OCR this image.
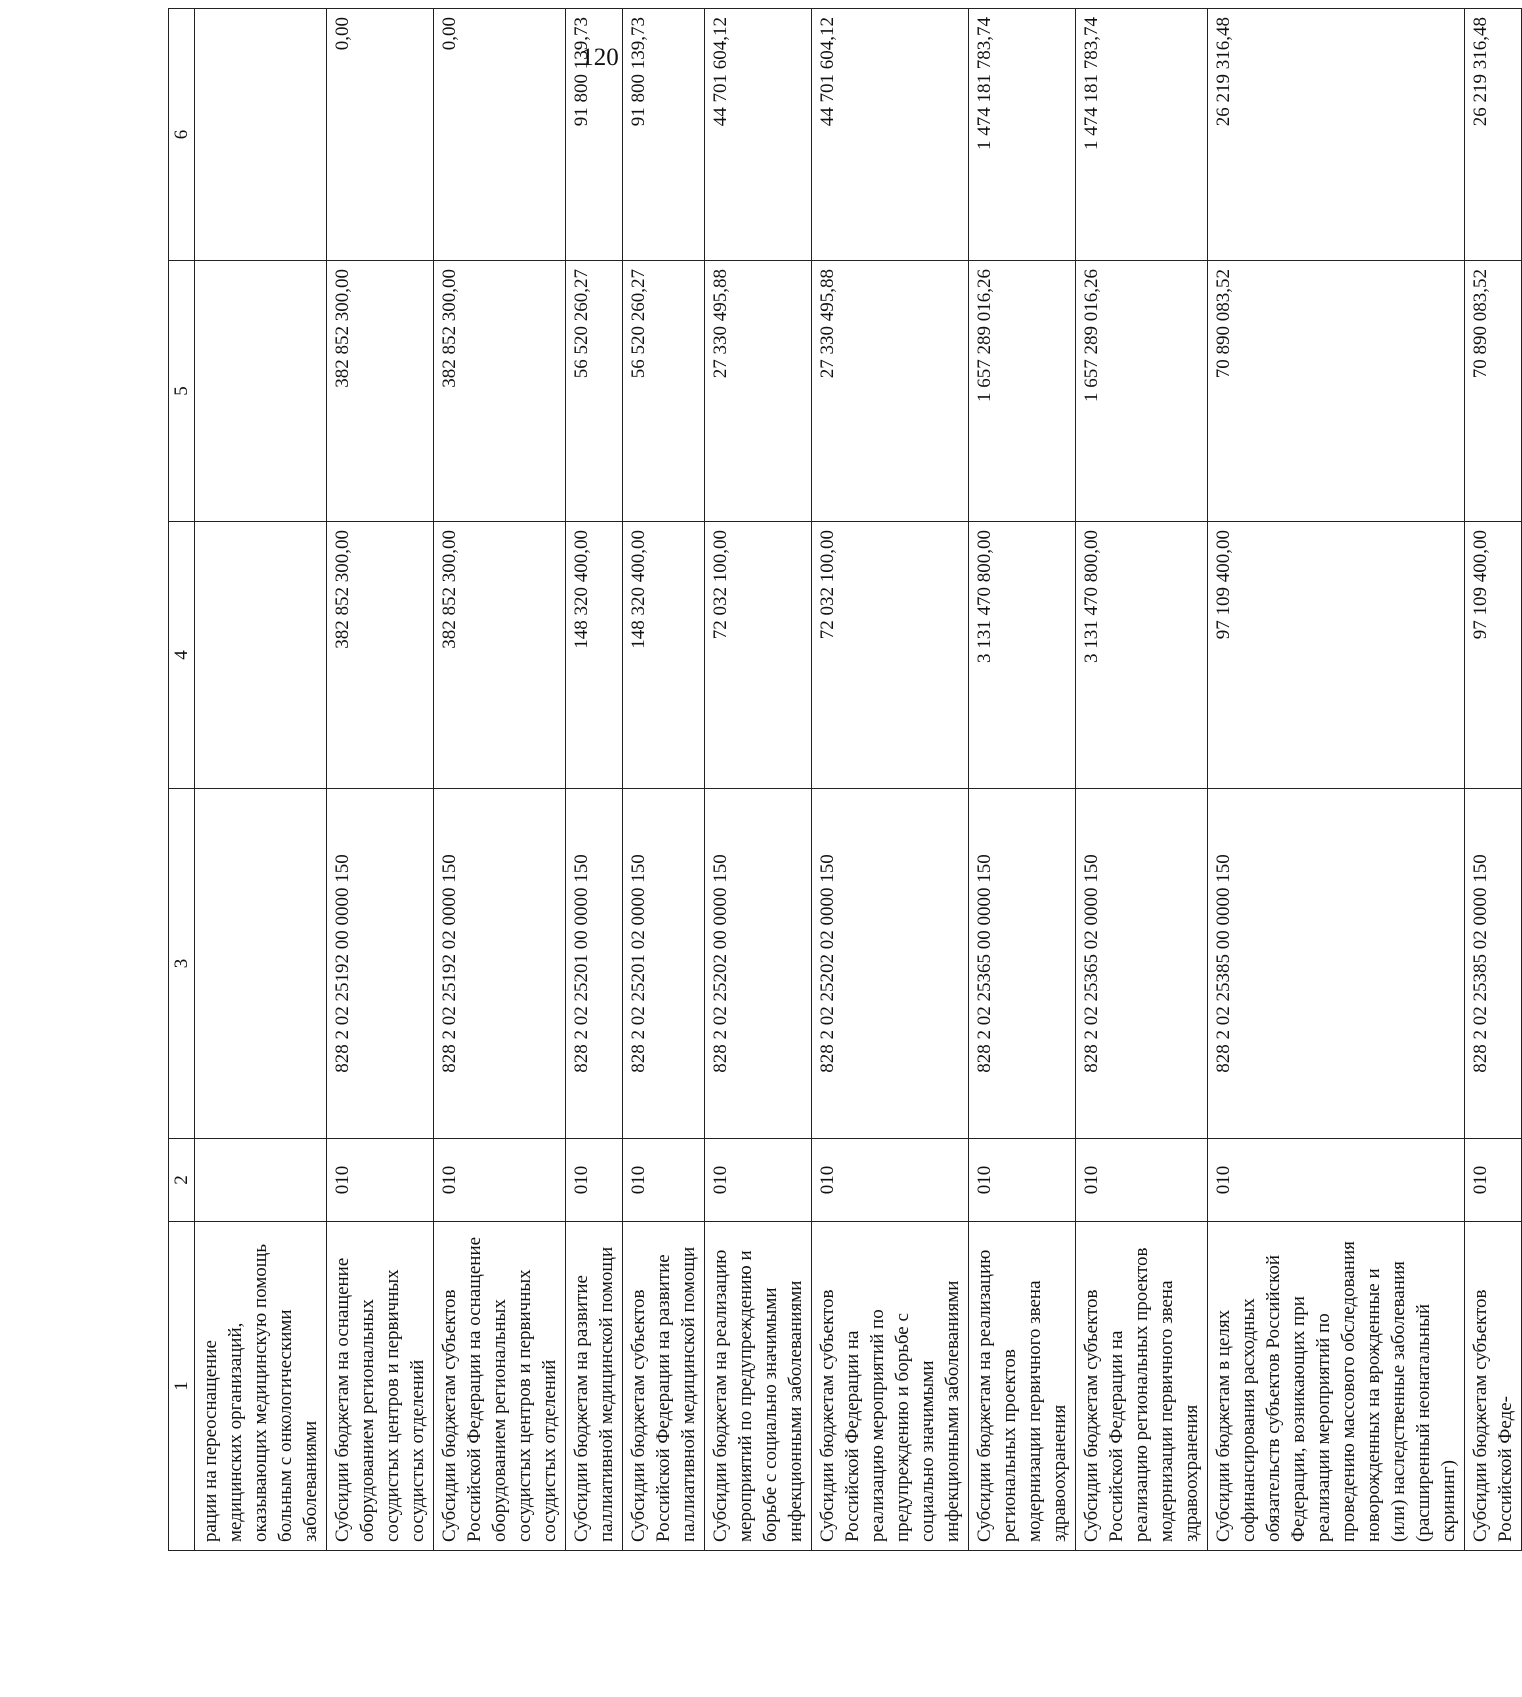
120
1	2	3	4	5	6
рации на переоснащение медицинских организаций, оказывающих медицинскую помощь больным с онкологическими заболеваниями					
Субсидии бюджетам на оснащение оборудованием региональных сосудистых центров и первичных сосудистых отделений	010	828 2 02 25192 00 0000 150	382 852 300,00	382 852 300,00	0,00
Субсидии бюджетам субъектов Российской Федерации на оснащение оборудованием региональных сосудистых центров и первичных сосудистых отделений	010	828 2 02 25192 02 0000 150	382 852 300,00	382 852 300,00	0,00
Субсидии бюджетам на развитие паллиативной медицинской помощи	010	828 2 02 25201 00 0000 150	148 320 400,00	56 520 260,27	91 800 139,73
Субсидии бюджетам субъектов Российской Федерации на развитие паллиативной медицинской помощи	010	828 2 02 25201 02 0000 150	148 320 400,00	56 520 260,27	91 800 139,73
Субсидии бюджетам на реализацию мероприятий по предупреждению и борьбе с социально значимыми инфекционными заболеваниями	010	828 2 02 25202 00 0000 150	72 032 100,00	27 330 495,88	44 701 604,12
Субсидии бюджетам субъектов Российской Федерации на реализацию мероприятий по предупреждению и борьбе с социально значимыми инфекционными заболеваниями	010	828 2 02 25202 02 0000 150	72 032 100,00	27 330 495,88	44 701 604,12
Субсидии бюджетам на реализацию региональных проектов модернизации первичного звена здравоохранения	010	828 2 02 25365 00 0000 150	3 131 470 800,00	1 657 289 016,26	1 474 181 783,74
Субсидии бюджетам субъектов Российской Федерации на реализацию региональных проектов модернизации первичного звена здравоохранения	010	828 2 02 25365 02 0000 150	3 131 470 800,00	1 657 289 016,26	1 474 181 783,74
Субсидии бюджетам в целях софинансирования расходных обязательств субъектов Российской Федерации, возникающих при реализации мероприятий по проведению массового обследования новорожденных на врожденные и (или) наследственные заболевания (расширенный неонатальный скрининг)	010	828 2 02 25385 00 0000 150	97 109 400,00	70 890 083,52	26 219 316,48
Субсидии бюджетам субъектов Российской Феде-	010	828 2 02 25385 02 0000 150	97 109 400,00	70 890 083,52	26 219 316,48
